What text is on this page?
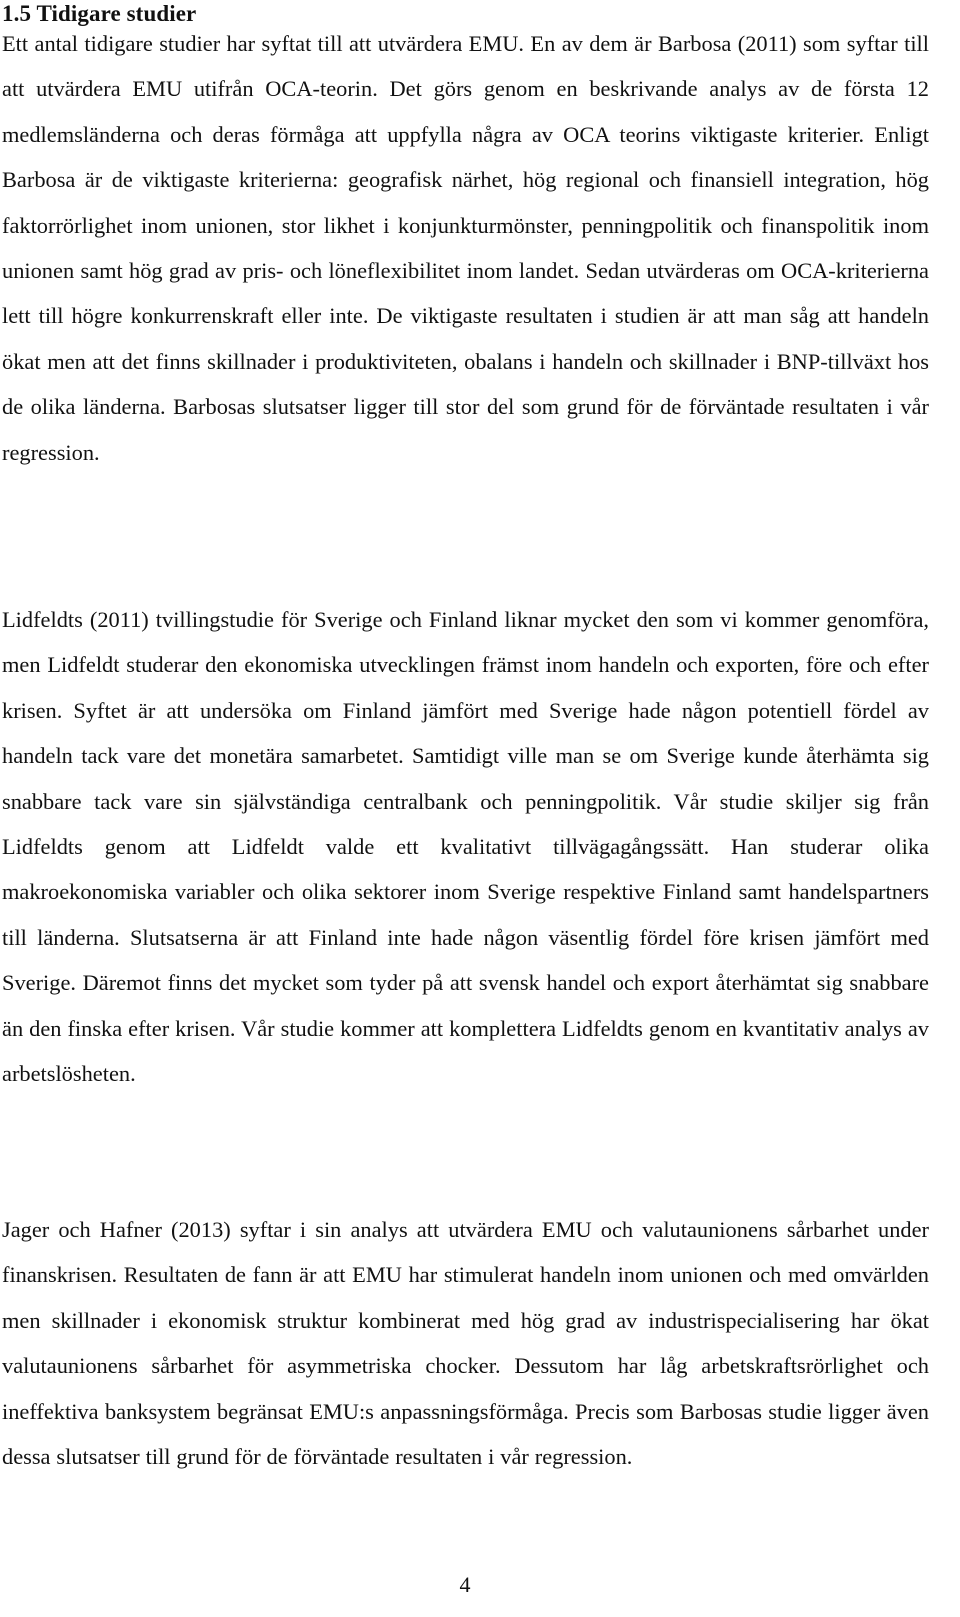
1.5 Tidigare studier

Ett antal tidigare studier har syftat till att utvärdera EMU. En av dem är Barbosa (2011) som syftar till att utvärdera EMU utifrån OCA-teorin. Det görs genom en beskrivande analys av de första 12 medlemsländerna och deras förmåga att uppfylla några av OCA teorins viktigaste kriterier. Enligt Barbosa är de viktigaste kriterierna: geografisk närhet, hög regional och finansiell integration, hög faktorrörlighet inom unionen, stor likhet i konjunkturmönster, penningpolitik och finanspolitik inom unionen samt hög grad av pris- och löneflexibilitet inom landet. Sedan utvärderas om OCA-kriterierna lett till högre konkurrenskraft eller inte. De viktigaste resultaten i studien är att man såg att handeln ökat men att det finns skillnader i produktiviteten, obalans i handeln och skillnader i BNP-tillväxt hos de olika länderna. Barbosas slutsatser ligger till stor del som grund för de förväntade resultaten i vår regression.

Lidfeldts (2011) tvillingstudie för Sverige och Finland liknar mycket den som vi kommer genomföra, men Lidfeldt studerar den ekonomiska utvecklingen främst inom handeln och exporten, före och efter krisen. Syftet är att undersöka om Finland jämfört med Sverige hade någon potentiell fördel av handeln tack vare det monetära samarbetet. Samtidigt ville man se om Sverige kunde återhämta sig snabbare tack vare sin självständiga centralbank och penningpolitik. Vår studie skiljer sig från Lidfeldts genom att Lidfeldt valde ett kvalitativt tillvägagångssätt. Han studerar olika makroekonomiska variabler och olika sektorer inom Sverige respektive Finland samt handelspartners till länderna. Slutsatserna är att Finland inte hade någon väsentlig fördel före krisen jämfört med Sverige. Däremot finns det mycket som tyder på att svensk handel och export återhämtat sig snabbare än den finska efter krisen. Vår studie kommer att komplettera Lidfeldts genom en kvantitativ analys av arbetslösheten.

Jager och Hafner (2013) syftar i sin analys att utvärdera EMU och valutaunionens sårbarhet under finanskrisen. Resultaten de fann är att EMU har stimulerat handeln inom unionen och med omvärlden men skillnader i ekonomisk struktur kombinerat med hög grad av industrispecialisering har ökat valutaunionens sårbarhet för asymmetriska chocker. Dessutom har låg arbetskraftsrörlighet och ineffektiva banksystem begränsat EMU:s anpassningsförmåga. Precis som Barbosas studie ligger även dessa slutsatser till grund för de förväntade resultaten i vår regression.

4
